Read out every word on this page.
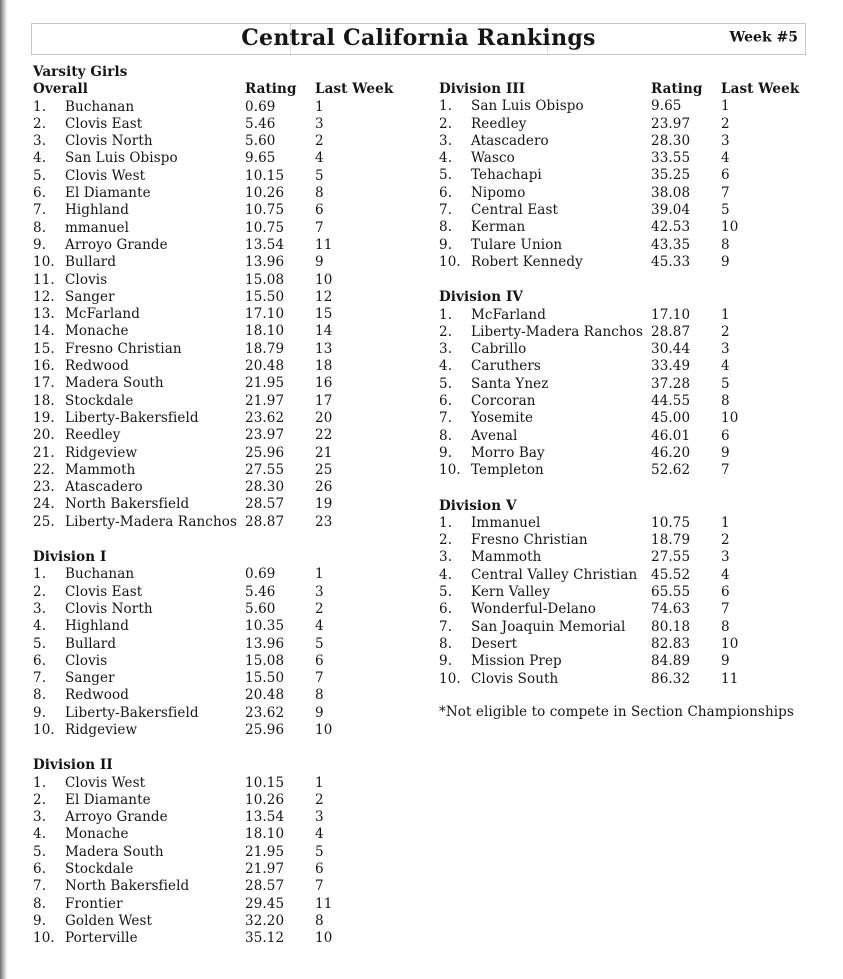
Week #5
Central California Rankings
Varsity Girls
Overall	Rating	Last Week
1.	Buchanan	0.69	1
2.	Clovis East	5.46	3
3.	Clovis North	5.60	2
4.	San Luis Obispo	9.65	4
5.	Clovis West	10.15	5
6.	El Diamante	10.26	8
7.	Highland	10.75	6
8.	mmanuel	10.75	7
9.	Arroyo Grande	13.54	11
10. Bullard	13.96	9
11. Clovis	15.08	10
12. Sanger	15.50	12
13. McFarland	17.10	15
14. Monache	18.10	14
15. Fresno Christian	18.79	13
16. Redwood	20.48	18
17. Madera South	21.95	16
18. Stockdale	21.97	17
19. Liberty-Bakersfield	23.62	20
20. Reedley	23.97	22
21. Ridgeview	25.96	21
22. Mammoth	27.55	25
23. Atascadero	28.30	26
24. North Bakersfield	28.57	19
25. Liberty-Madera Ranchos 28.87	23
Division I
1.	Buchanan	0.69	1
2.	Clovis East	5.46	3
3.	Clovis North	5.60	2
4.	Highland	10.35	4
5.	Bullard	13.96	5
6.	Clovis	15.08	6
7.	Sanger	15.50	7
8.	Redwood	20.48	8
9.	Liberty-Bakersfield	23.62	9
10. Ridgeview	25.96	10
Division II
1.	Clovis West	10.15	1
2.	El Diamante	10.26	2
3.	Arroyo Grande	13.54	3
4.	Monache	18.10	4
5.	Madera South	21.95	5
6.	Stockdale	21.97	6
7.	North Bakersfield	28.57	7
8.	Frontier	29.45	11
9.	Golden West	32.20	8
10. Porterville	35.12	10
Division III	Rating	Last Week
1.	San Luis Obispo	9.65	1
2.	Reedley	23.97	2
3.	Atascadero	28.30	3
4.	Wasco	33.55	4
5.	Tehachapi	35.25	6
6.	Nipomo	38.08	7
7.	Central East	39.04	5
8.	Kerman	42.53	10
9.	Tulare Union	43.35	8
10. Robert Kennedy	45.33	9
Division IV
1.	McFarland	17.10	1
2.	Liberty-Madera Ranchos 28.87	2
3.	Cabrillo	30.44	3
4.	Caruthers	33.49	4
5.	Santa Ynez	37.28	5
6.	Corcoran	44.55	8
7.	Yosemite	45.00	10
8.	Avenal	46.01	6
9.	Morro Bay	46.20	9
10. Templeton	52.62	7
Division V
1.	Immanuel	10.75	1
2.	Fresno Christian	18.79	2
3.	Mammoth	27.55	3
4.	Central Valley Christian	45.52	4
5.	Kern Valley	65.55	6
6.	Wonderful-Delano	74.63	7
7.	San Joaquin Memorial	80.18	8
8.	Desert	82.83	10
9.	Mission Prep	84.89	9
10. Clovis South	86.32	11
*Not eligible to compete in Section Championships
